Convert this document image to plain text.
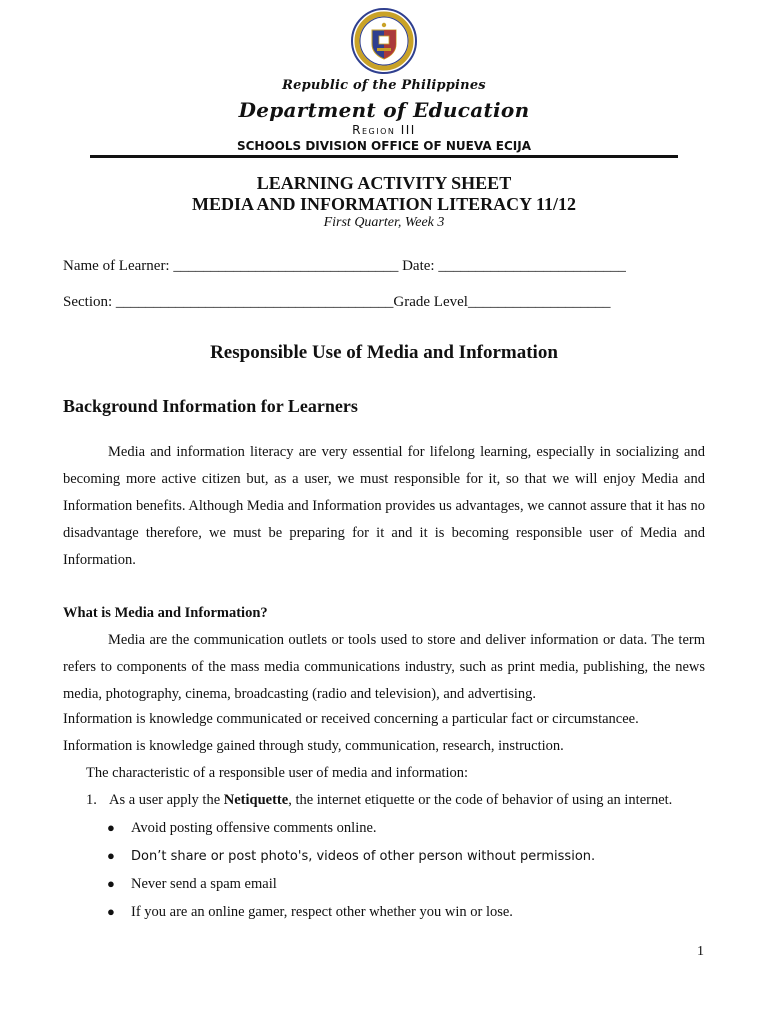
Republic of the Philippines
Department of Education
Region III
SCHOOLS DIVISION OFFICE OF NUEVA ECIJA
LEARNING ACTIVITY SHEET
MEDIA AND INFORMATION LITERACY 11/12
First Quarter, Week 3
Name of Learner: ______________________________ Date: _________________________
Section: _____________________________________Grade Level___________________
Responsible Use of Media and Information
Background Information for Learners
Media and information literacy are very essential for lifelong learning, especially in socializing and becoming more active citizen but, as a user, we must responsible for it, so that we will enjoy Media and Information benefits. Although Media and Information provides us advantages, we cannot assure that it has no disadvantage therefore, we must be preparing for it and it is becoming responsible user of Media and Information.
What is Media and Information?
Media are the communication outlets or tools used to store and deliver information or data. The term refers to components of the mass media communications industry, such as print media, publishing, the news media, photography, cinema, broadcasting (radio and television), and advertising.
Information is knowledge communicated or received concerning a particular fact or circumstancee.
Information is knowledge gained through study, communication, research, instruction.
The characteristic of a responsible user of media and information:
1. As a user apply the Netiquette, the internet etiquette or the code of behavior of using an internet.
● Avoid posting offensive comments online.
● Don’t share or post photo's, videos of other person without permission.
● Never send a spam email
● If you are an online gamer, respect other whether you win or lose.
1
